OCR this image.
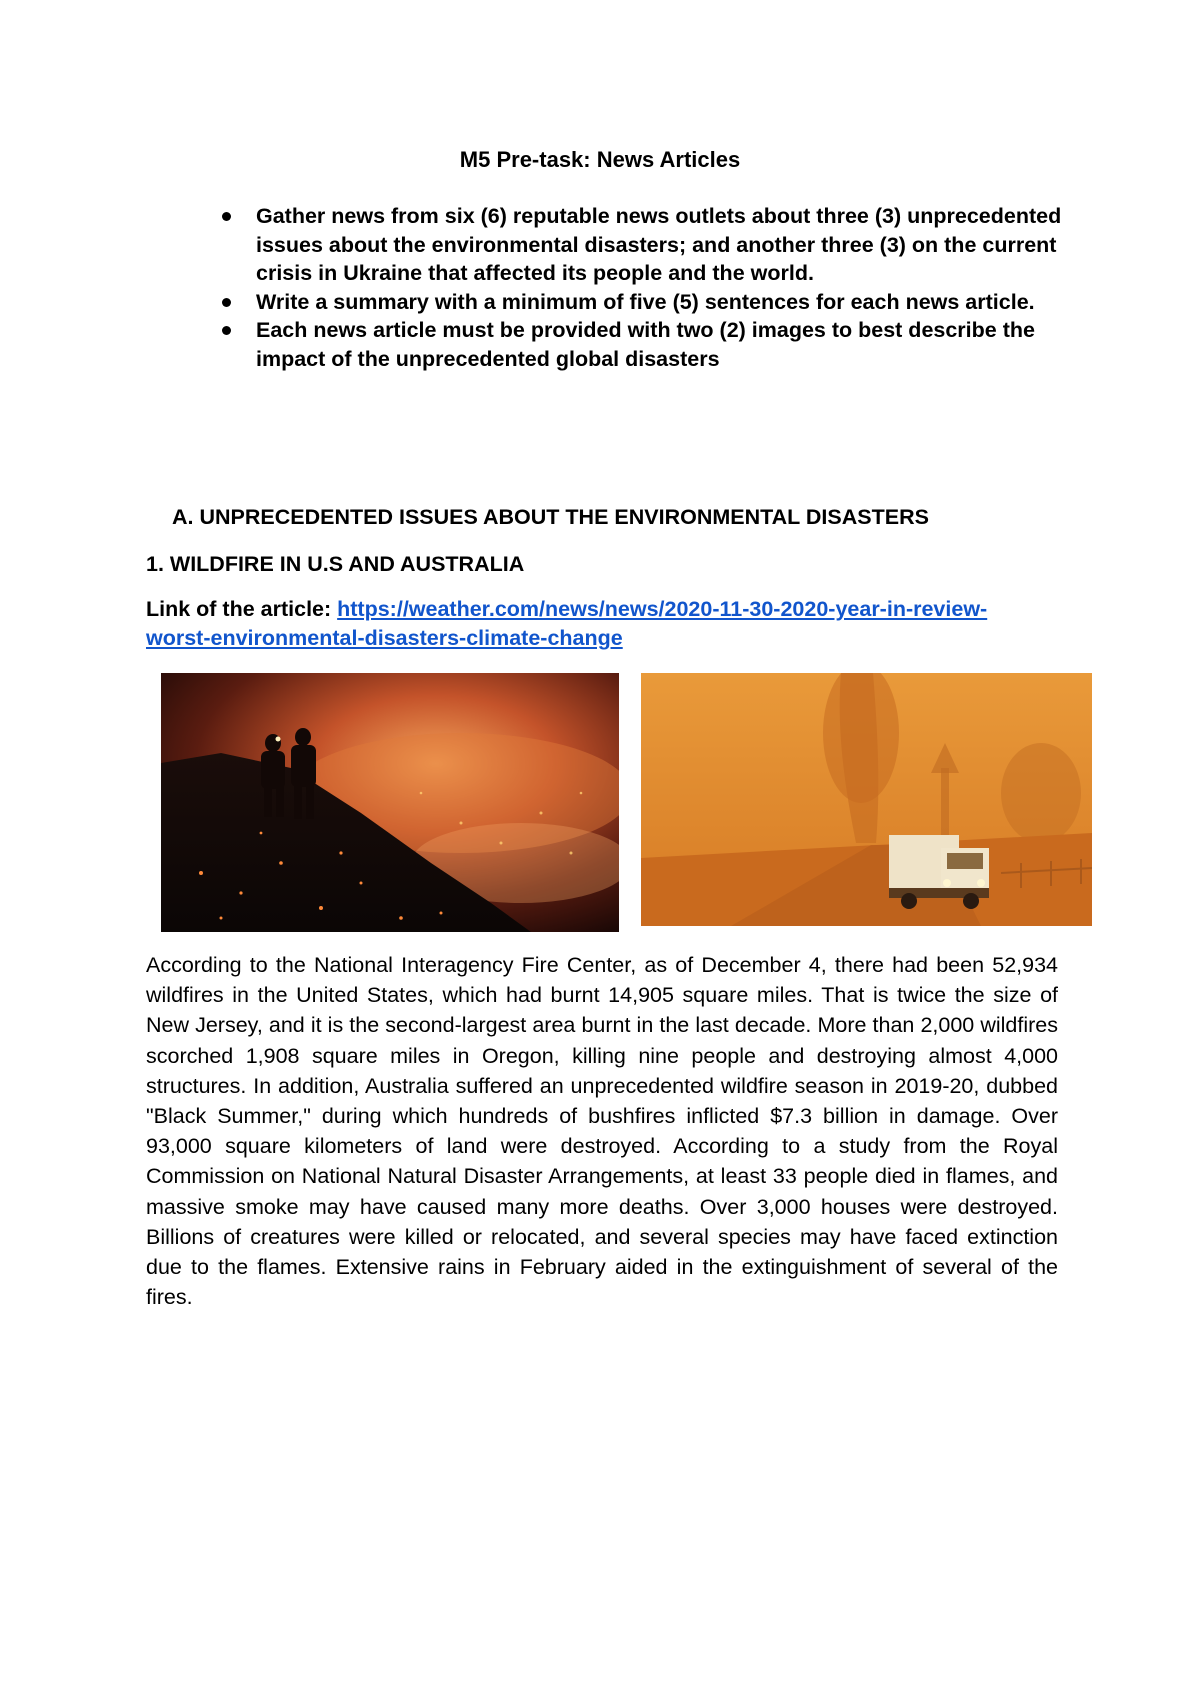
M5 Pre-task: News Articles
Gather news from six (6) reputable news outlets about three (3) unprecedented issues about the environmental disasters; and another three (3) on the current crisis in Ukraine that affected its people and the world.
Write a summary with a minimum of five (5) sentences for each news article.
Each news article must be provided with two (2) images to best describe the impact of the unprecedented global disasters
A. UNPRECEDENTED ISSUES ABOUT THE ENVIRONMENTAL DISASTERS
1. WILDFIRE IN U.S AND AUSTRALIA
Link of the article: https://weather.com/news/news/2020-11-30-2020-year-in-review-worst-environmental-disasters-climate-change

According to the National Interagency Fire Center, as of December 4, there had been 52,934 wildfires in the United States, which had burnt 14,905 square miles. That is twice the size of New Jersey, and it is the second-largest area burnt in the last decade. More than 2,000 wildfires scorched 1,908 square miles in Oregon, killing nine people and destroying almost 4,000 structures. In addition, Australia suffered an unprecedented wildfire season in 2019-20, dubbed "Black Summer," during which hundreds of bushfires inflicted $7.3 billion in damage. Over 93,000 square kilometers of land were destroyed. According to a study from the Royal Commission on National Natural Disaster Arrangements, at least 33 people died in flames, and massive smoke may have caused many more deaths. Over 3,000 houses were destroyed. Billions of creatures were killed or relocated, and several species may have faced extinction due to the flames. Extensive rains in February aided in the extinguishment of several of the fires.
